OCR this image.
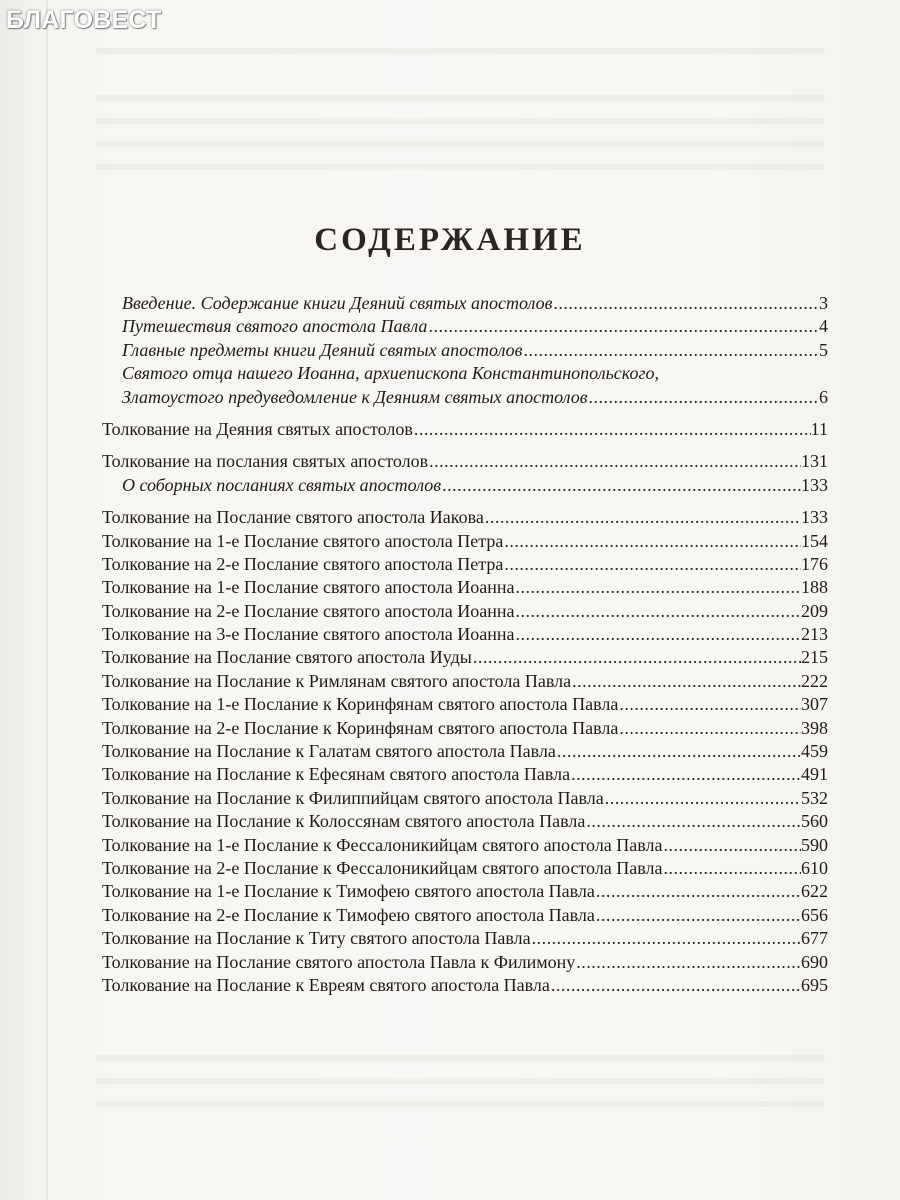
БЛАГОВЕСТ
СОДЕРЖАНИЕ
Введение. Содержание книги Деяний святых апостолов .....	3
Путешествия святого апостола Павла .....	4
Главные предметы книги Деяний святых апостолов .....	5
Святого отца нашего Иоанна, архиепископа Константинопольского,
Златоустого предуведомление к Деяниям святых апостолов .....	6
Толкование на Деяния святых апостолов .....	11
Толкование на послания святых апостолов .....	131
О соборных посланиях святых апостолов .....	133
Толкование на Послание святого апостола Иакова .....	133
Толкование на 1-е Послание святого апостола Петра .....	154
Толкование на 2-е Послание святого апостола Петра .....	176
Толкование на 1-е Послание святого апостола Иоанна .....	188
Толкование на 2-е Послание святого апостола Иоанна .....	209
Толкование на 3-е Послание святого апостола Иоанна .....	213
Толкование на Послание святого апостола Иуды .....	215
Толкование на Послание к Римлянам святого апостола Павла .....	222
Толкование на 1-е Послание к Коринфянам святого апостола Павла .....	307
Толкование на 2-е Послание к Коринфянам святого апостола Павла .....	398
Толкование на Послание к Галатам святого апостола Павла .....	459
Толкование на Послание к Ефесянам святого апостола Павла .....	491
Толкование на Послание к Филиппийцам святого апостола Павла .....	532
Толкование на Послание к Колоссянам святого апостола Павла .....	560
Толкование на 1-е Послание к Фессалоникийцам святого апостола Павла .....	590
Толкование на 2-е Послание к Фессалоникийцам святого апостола Павла .....	610
Толкование на 1-е Послание к Тимофею святого апостола Павла .....	622
Толкование на 2-е Послание к Тимофею святого апостола Павла .....	656
Толкование на Послание к Титу святого апостола Павла .....	677
Толкование на Послание святого апостола Павла к Филимону .....	690
Толкование на Послание к Евреям святого апостола Павла .....	695
